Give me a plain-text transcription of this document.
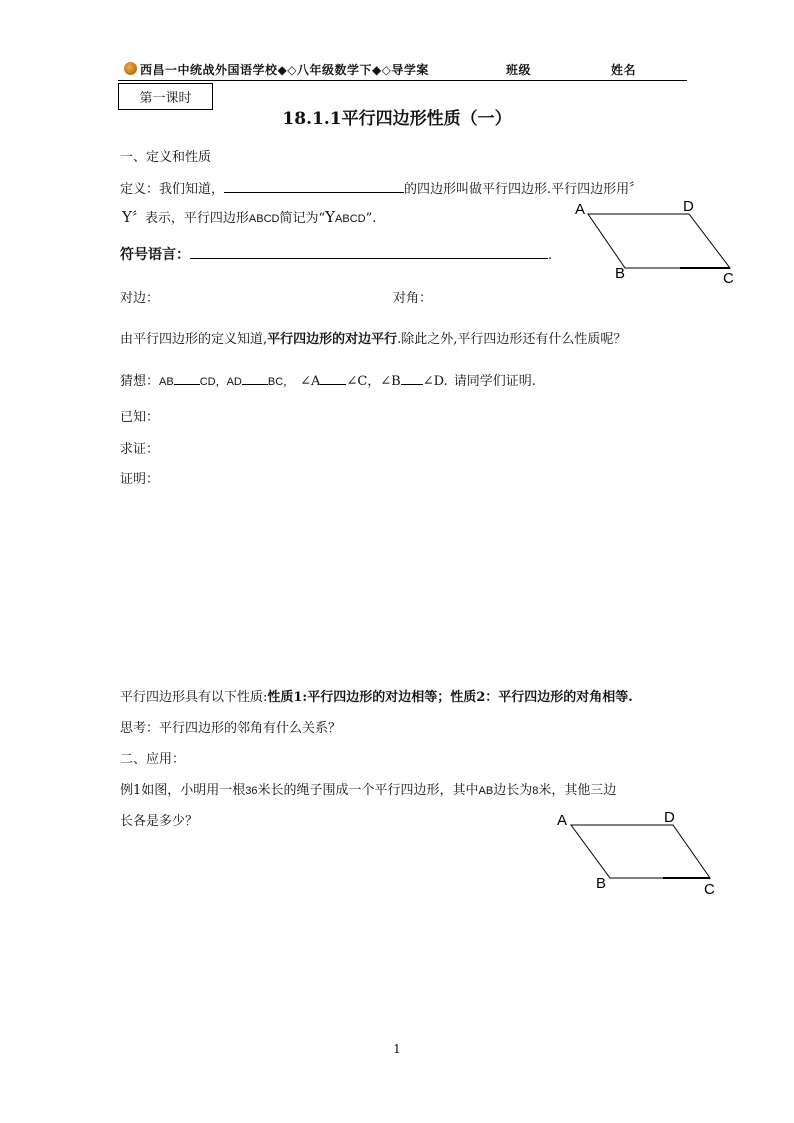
西昌一中统战外国语学校◆◇八年级数学下◆◇导学案	班级	姓名
第一课时
18.1.1平行四边形性质（一）
一、定义和性质
定义：我们知道，	的四边形叫做平行四边形.平行四边形用〞
Y〞表示，平行四边形ABCD简记为“YABCD”.
符号语言：	.
A	D
B	C
对边：	对角：
由平行四边形的定义知道,平行四边形的对边平行.除此之外,平行四边形还有什么性质呢？
猜想：AB CD，AD BC， ∠A ∠C，∠B ∠D. 请同学们证明.
已知：
求证：
证明：
平行四边形具有以下性质:性质1:平行四边形的对边相等；性质2：平行四边形的对角相等.
思考：平行四边形的邻角有什么关系？
二、应用：
例1如图，小明用一根36米长的绳子围成一个平行四边形，其中AB边长为8米，其他三边
长各是多少？	A	D
B	C
1
